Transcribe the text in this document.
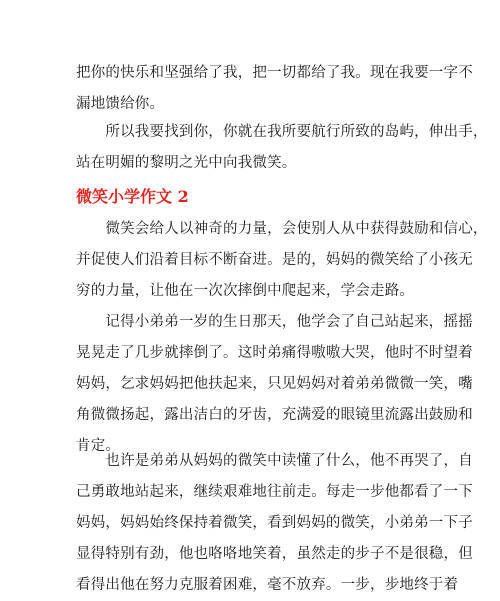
把你的快乐和坚强给了我，把一切都给了我。现在我要一字不
漏地馈给你。

　　所以我要找到你，你就在我所要航行所致的岛屿，伸出手，
站在明媚的黎明之光中向我微笑。

微笑小学作文 2

　　微笑会给人以神奇的力量，会使别人从中获得鼓励和信心，
并促使人们沿着目标不断奋进。是的，妈妈的微笑给了小孩无
穷的力量，让他在一次次摔倒中爬起来，学会走路。

　　记得小弟弟一岁的生日那天，他学会了自己站起来，摇摇
晃晃走了几步就摔倒了。这时弟痛得嗷嗷大哭，他时不时望着
妈妈，乞求妈妈把他扶起来，只见妈妈对着弟弟微微一笑，嘴
角微微扬起，露出洁白的牙齿，充满爱的眼镜里流露出鼓励和
肯定。

　　也许是弟弟从妈妈的微笑中读懂了什么，他不再哭了，自
己勇敢地站起来，继续艰难地往前走。每走一步他都看了一下
妈妈，妈妈始终保持着微笑，看到妈妈的微笑，小弟弟一下子
显得特别有劲，他也咯咯地笑着，虽然走的步子不是很稳，但
看得出他在努力克服着困难，毫不放弃。一步，步地终于着
